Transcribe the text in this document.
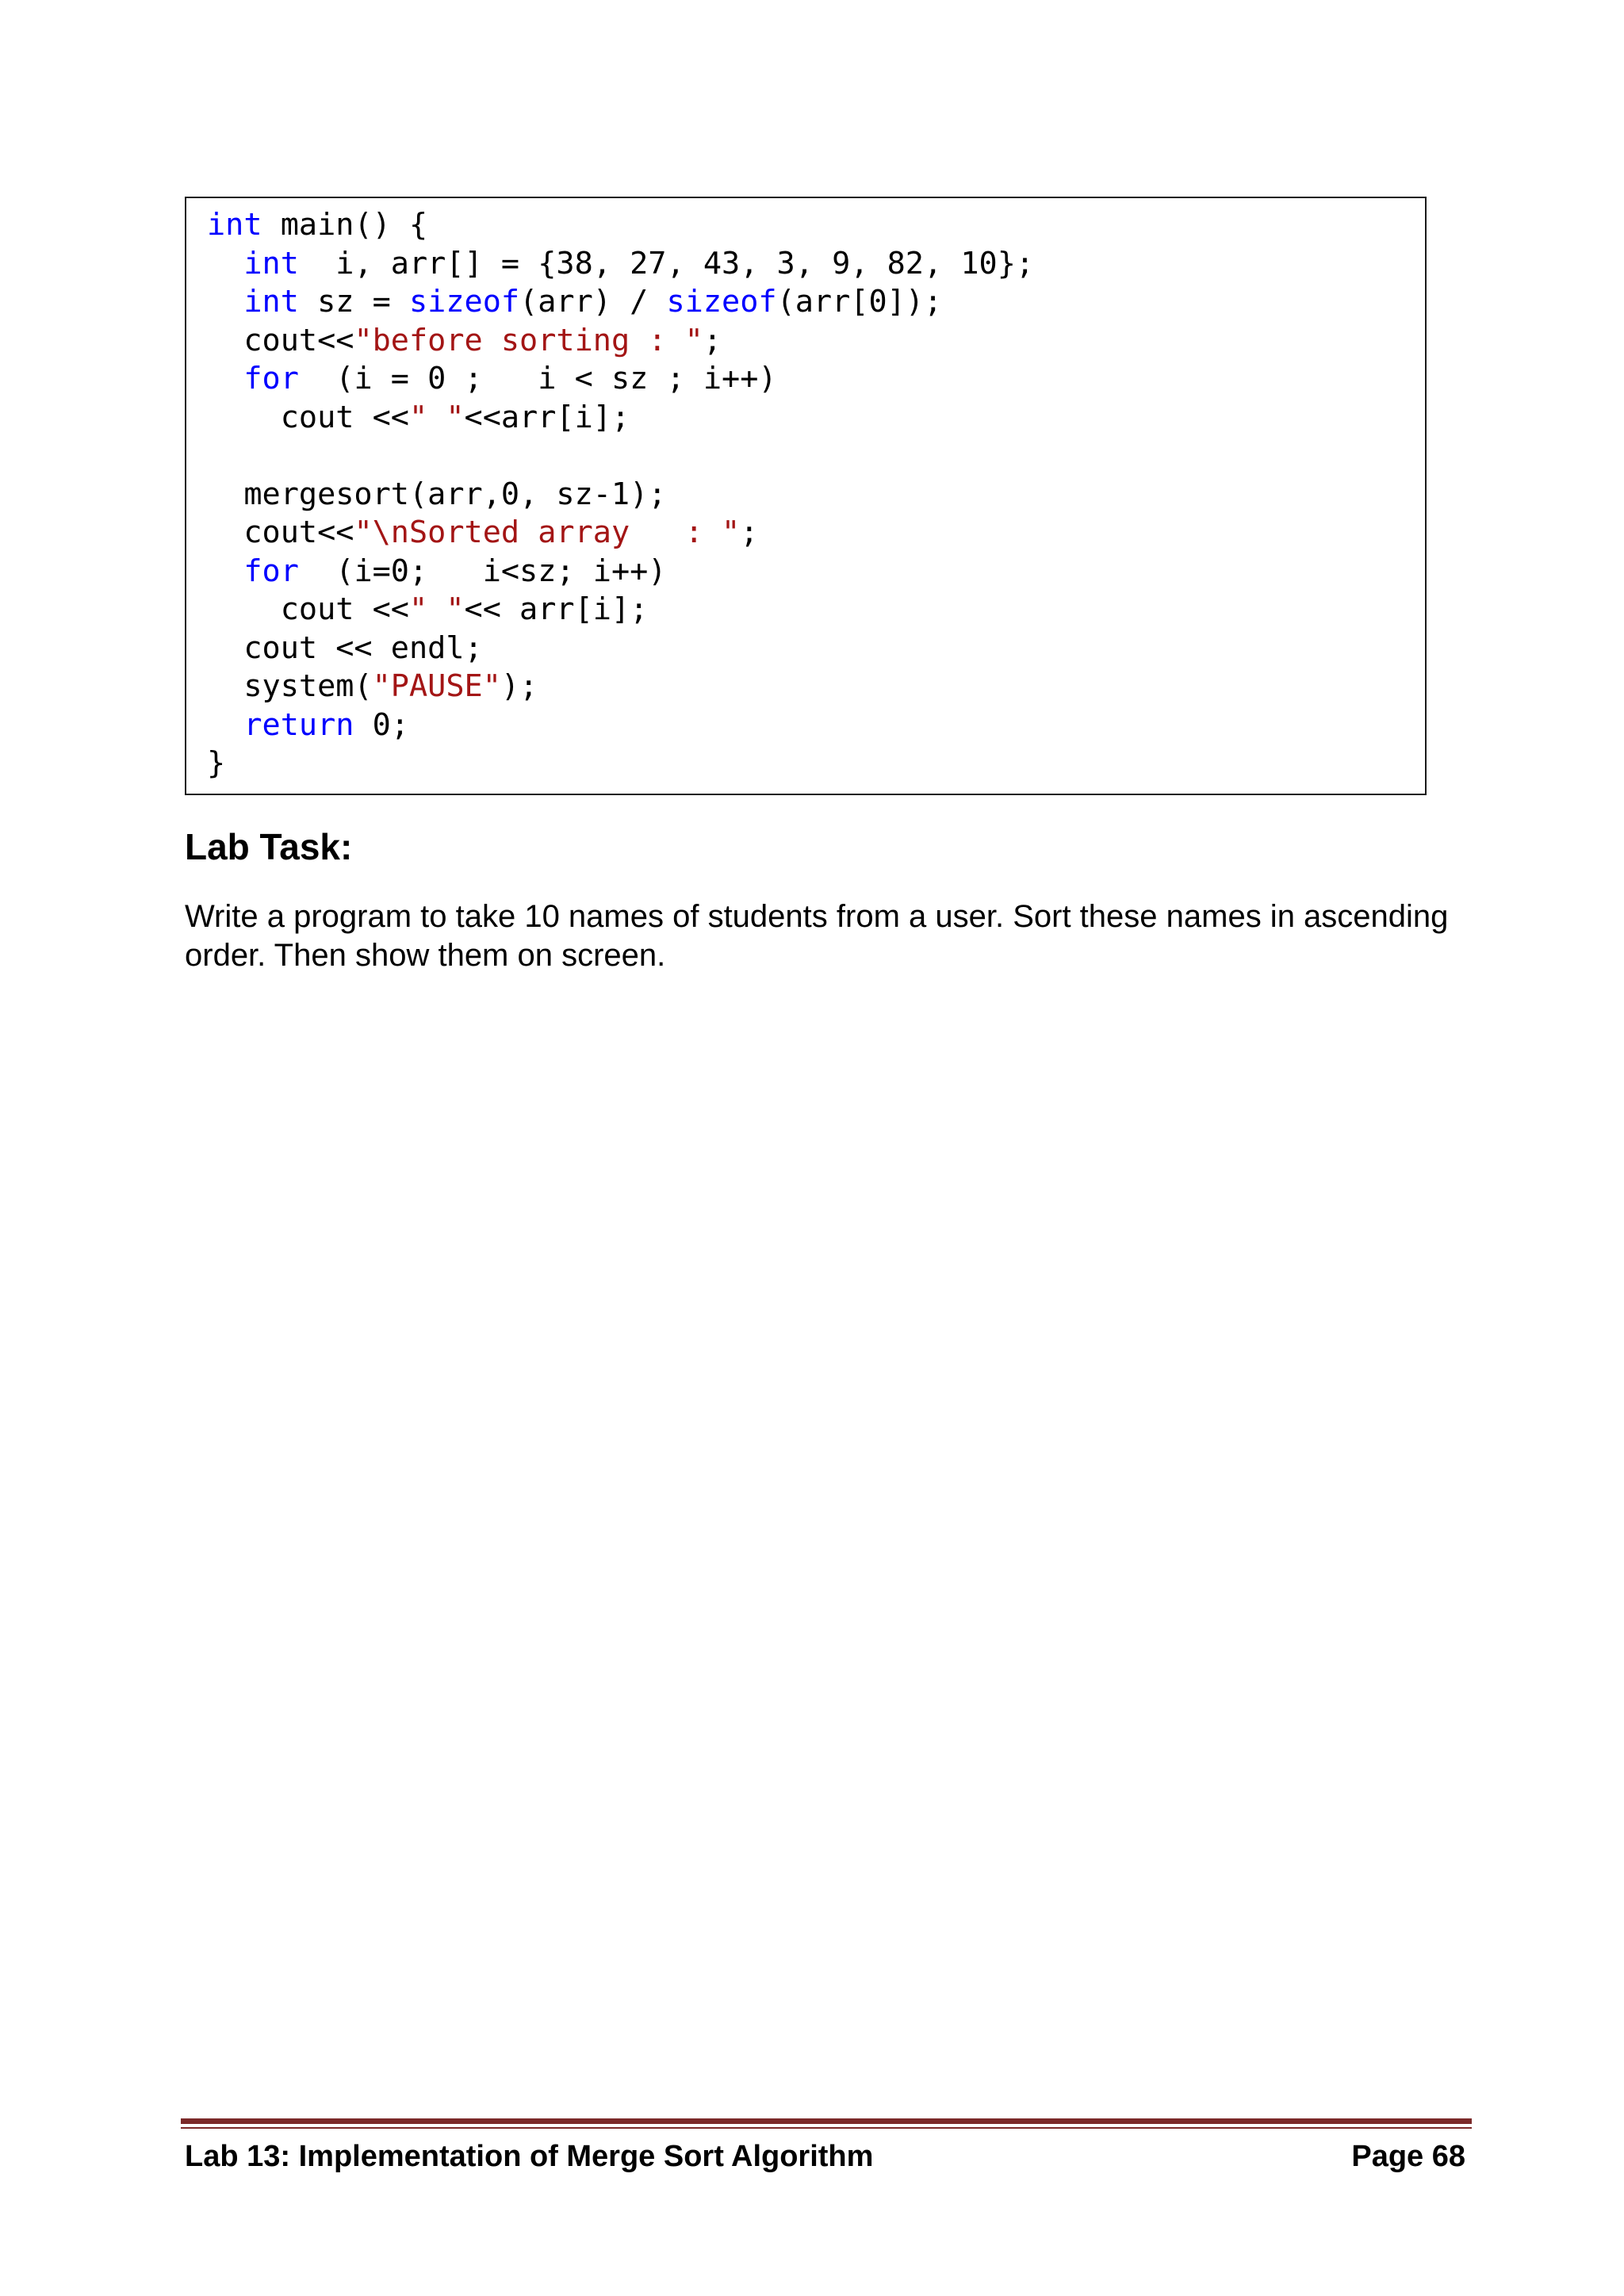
int main() {
int  i, arr[] = {38, 27, 43, 3, 9, 82, 10};
int sz = sizeof(arr) / sizeof(arr[0]);
cout<<"before sorting : ";
for  (i = 0 ;   i < sz ; i++)
cout <<" "<<arr[i];
mergesort(arr,0, sz-1);
cout<<"\nSorted array   : ";
for  (i=0;   i<sz; i++)
cout <<" "<< arr[i];
cout << endl;
system("PAUSE");
return 0;
}
Lab Task:

Write a program to take 10 names of students from a user. Sort these names in ascending order. Then show them on screen.

Lab 13: Implementation of Merge Sort Algorithm	Page 68
